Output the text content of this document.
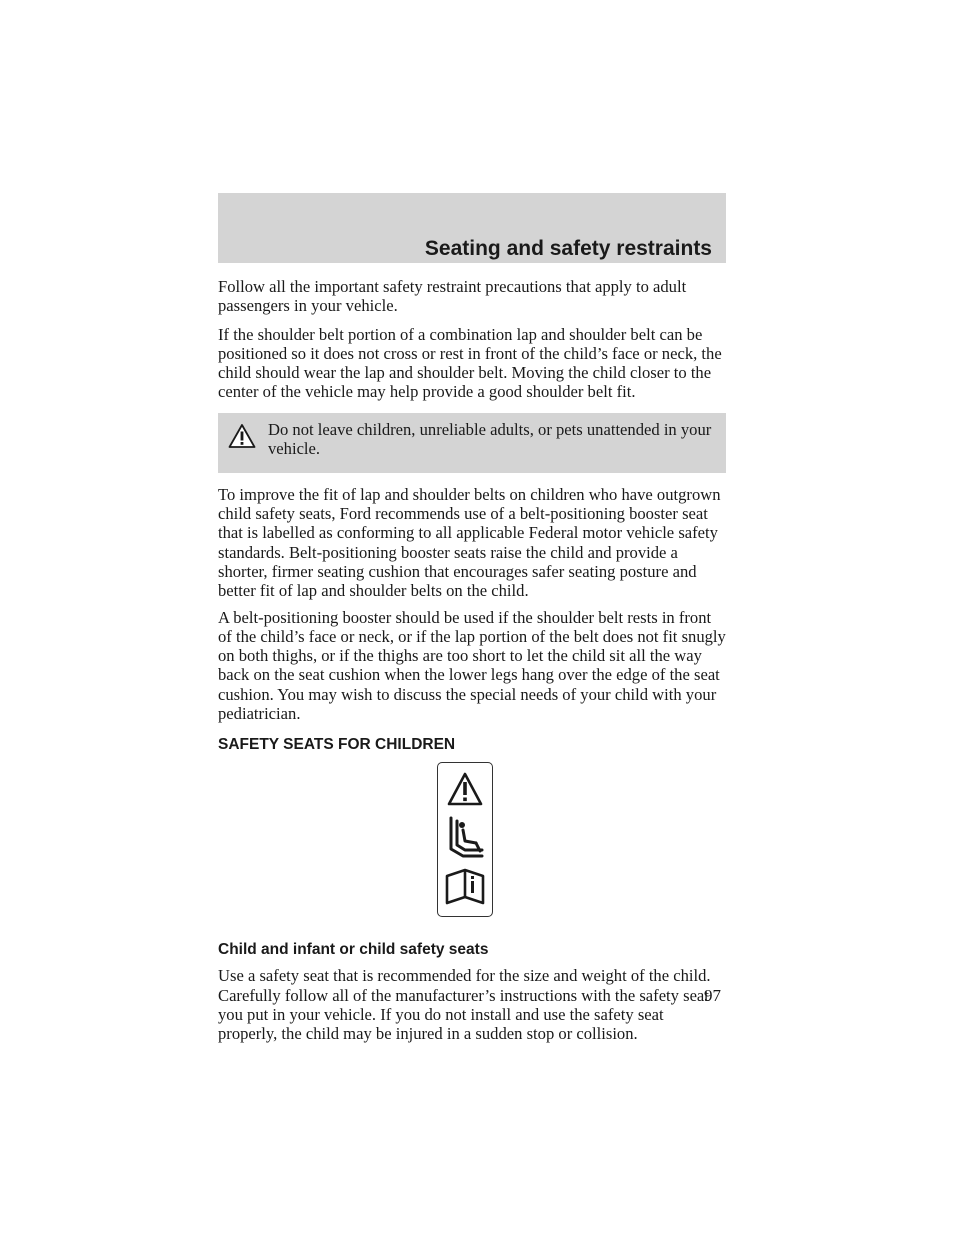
Seating and safety restraints

Follow all the important safety restraint precautions that apply to adult passengers in your vehicle.

If the shoulder belt portion of a combination lap and shoulder belt can be positioned so it does not cross or rest in front of the child’s face or neck, the child should wear the lap and shoulder belt. Moving the child closer to the center of the vehicle may help provide a good shoulder belt fit.

Do not leave children, unreliable adults, or pets unattended in your vehicle.

To improve the fit of lap and shoulder belts on children who have outgrown child safety seats, Ford recommends use of a belt-positioning booster seat that is labelled as conforming to all applicable Federal motor vehicle safety standards. Belt-positioning booster seats raise the child and provide a shorter, firmer seating cushion that encourages safer seating posture and better fit of lap and shoulder belts on the child.

A belt-positioning booster should be used if the shoulder belt rests in front of the child’s face or neck, or if the lap portion of the belt does not fit snugly on both thighs, or if the thighs are too short to let the child sit all the way back on the seat cushion when the lower legs hang over the edge of the seat cushion. You may wish to discuss the special needs of your child with your pediatrician.

SAFETY SEATS FOR CHILDREN
Child and infant or child safety seats

Use a safety seat that is recommended for the size and weight of the child. Carefully follow all of the manufacturer’s instructions with the safety seat you put in your vehicle. If you do not install and use the safety seat properly, the child may be injured in a sudden stop or collision.

97
